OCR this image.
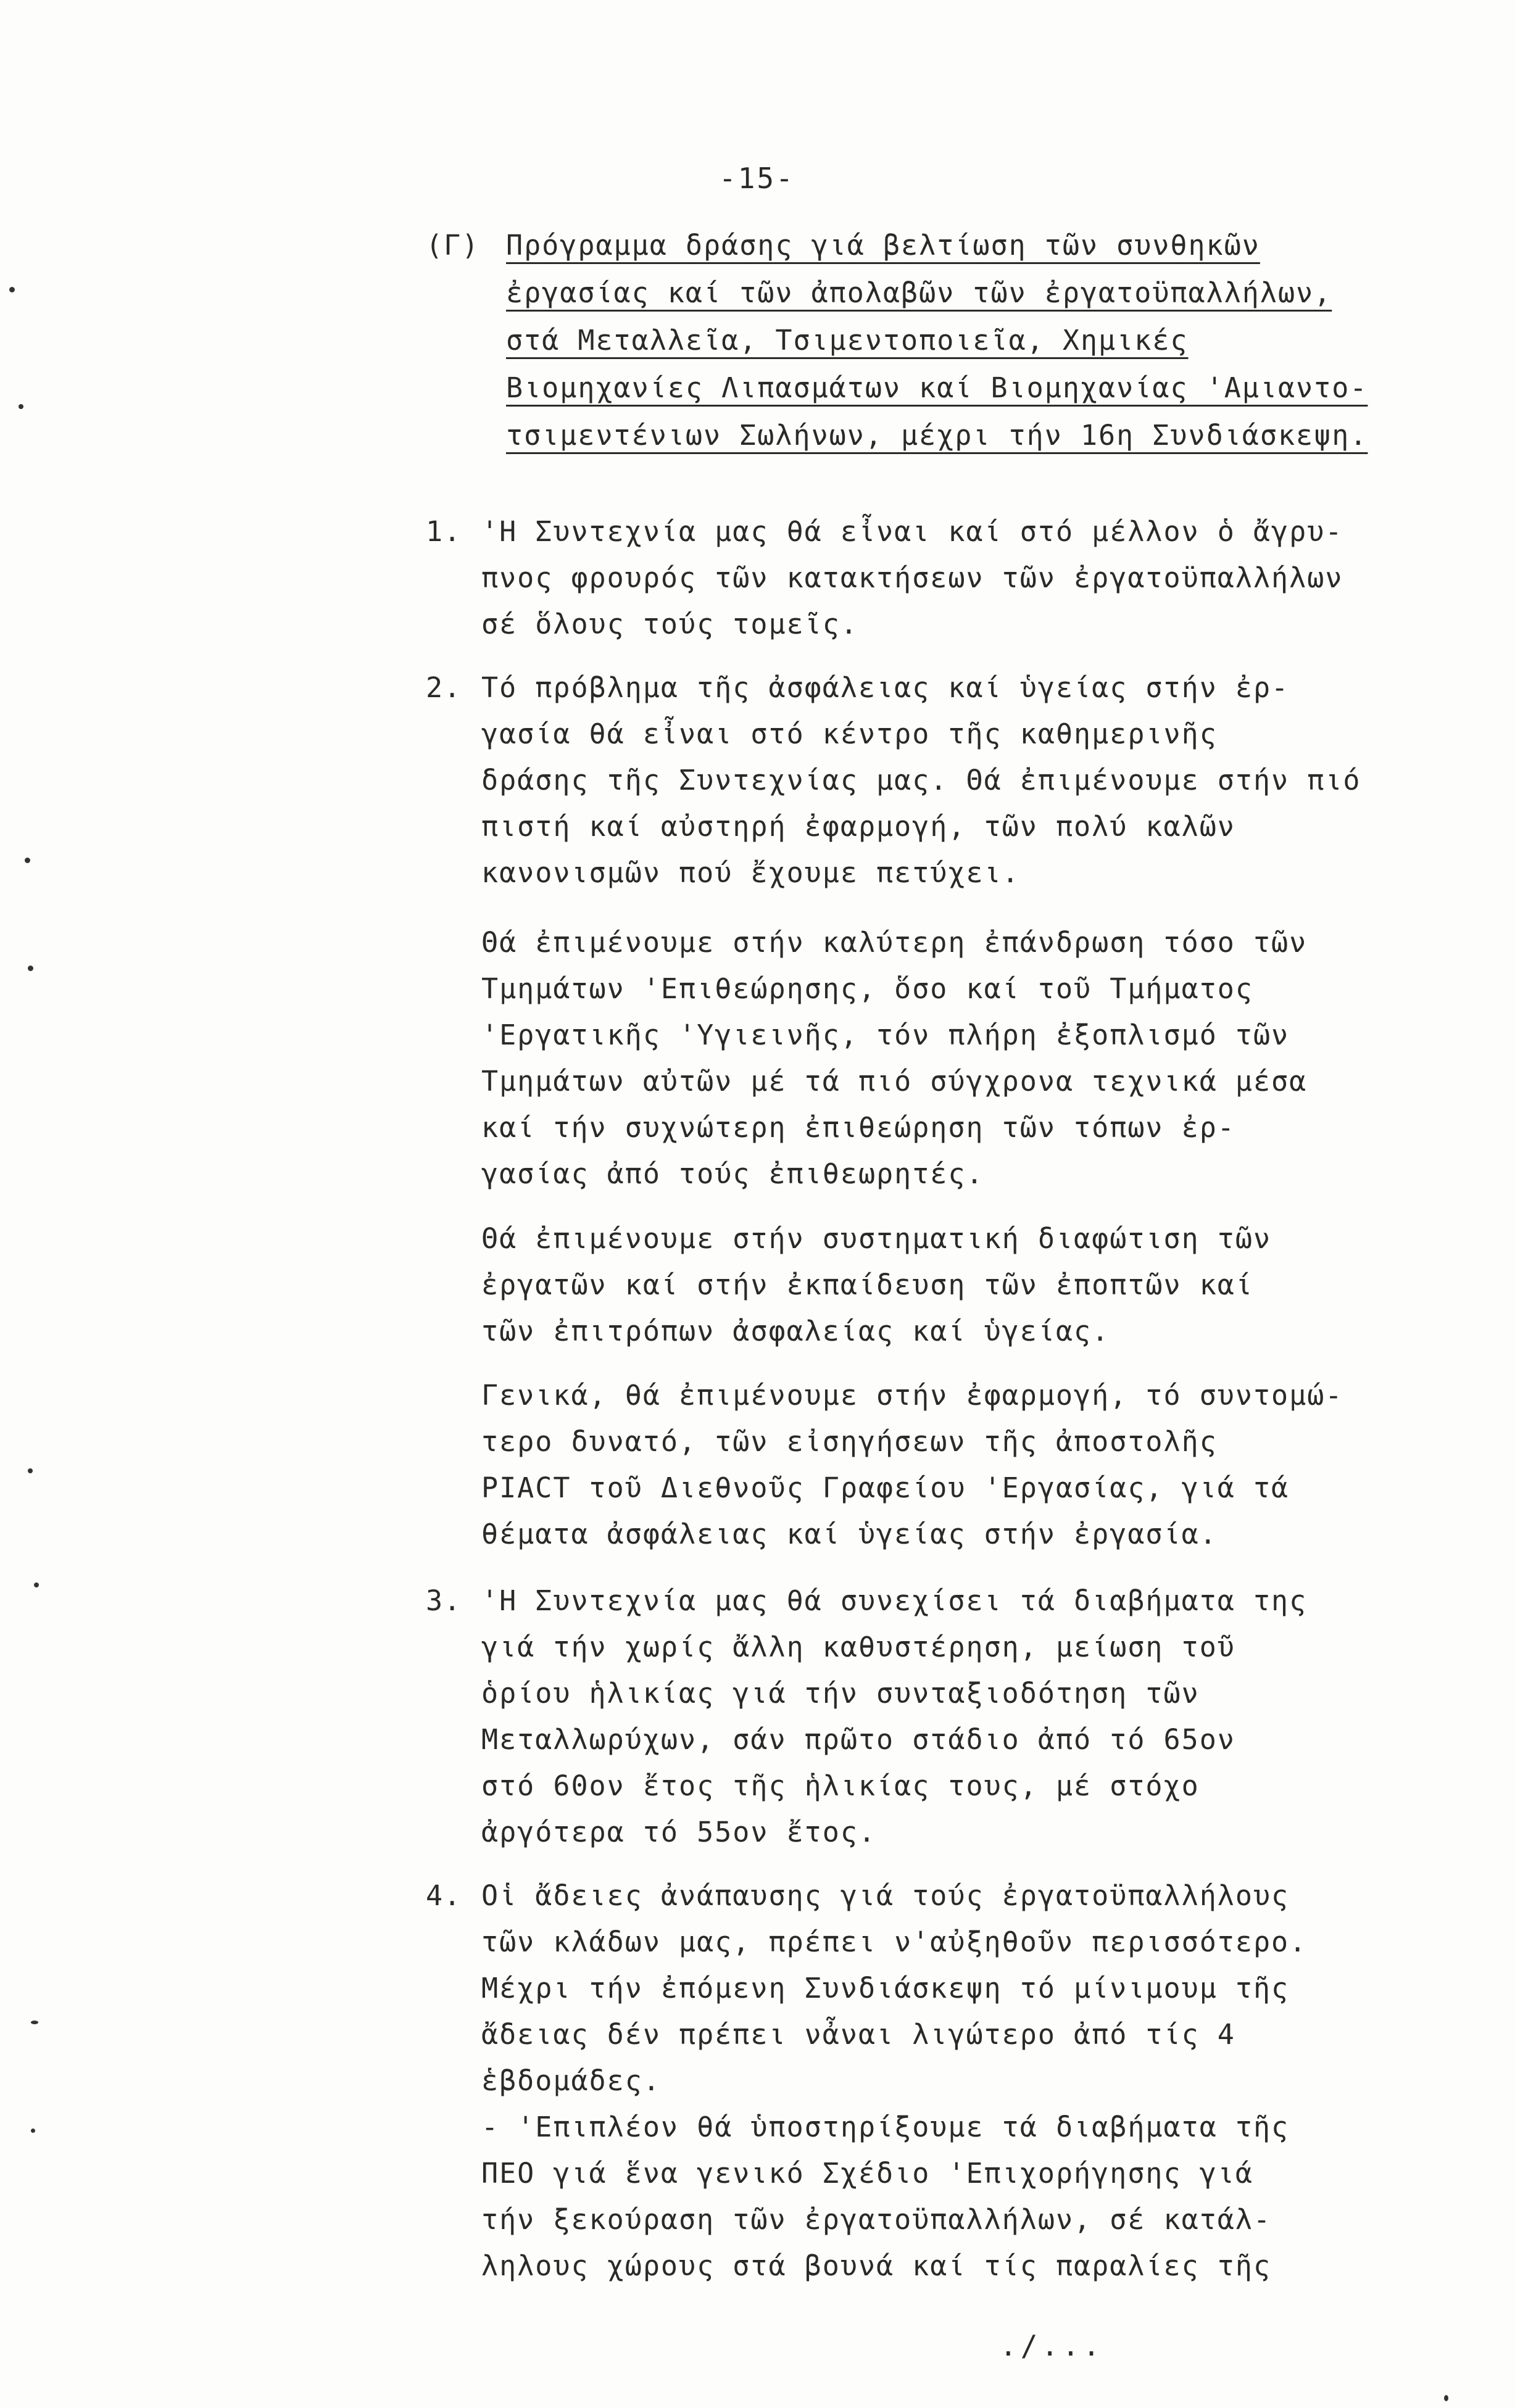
-15-
(Γ) Πρόγραμμα δράσης γιά βελτίωση τῶν συνθηκῶν
ἐργασίας καί τῶν ἀπολαβῶν τῶν ἐργατοϋπαλλήλων,
στά Μεταλλεῖα, Τσιμεντοποιεῖα, Χημικές
Βιομηχανίες Λιπασμάτων καί Βιομηχανίας 'Αμιαντο-
τσιμεντένιων Σωλήνων, μέχρι τήν 16η Συνδιάσκεψη.
1. 'Η Συντεχνία μας θά εἶναι καί στό μέλλον ὁ ἄγρυ-
πνος φρουρός τῶν κατακτήσεων τῶν ἐργατοϋπαλλήλων
σέ ὅλους τούς τομεῖς.
2. Τό πρόβλημα τῆς ἀσφάλειας καί ὑγείας στήν ἐρ-
γασία θά εἶναι στό κέντρο τῆς καθημερινῆς
δράσης τῆς Συντεχνίας μας. Θά ἐπιμένουμε στήν πιό
πιστή καί αὐστηρή ἐφαρμογή, τῶν πολύ καλῶν
κανονισμῶν πού ἔχουμε πετύχει.
Θά ἐπιμένουμε στήν καλύτερη ἐπάνδρωση τόσο τῶν
Τμημάτων 'Επιθεώρησης, ὅσο καί τοῦ Τμήματος
'Εργατικῆς 'Υγιεινῆς, τόν πλήρη ἐξοπλισμό τῶν
Τμημάτων αὐτῶν μέ τά πιό σύγχρονα τεχνικά μέσα
καί τήν συχνώτερη ἐπιθεώρηση τῶν τόπων ἐρ-
γασίας ἀπό τούς ἐπιθεωρητές.
Θά ἐπιμένουμε στήν συστηματική διαφώτιση τῶν
ἐργατῶν καί στήν ἐκπαίδευση τῶν ἐποπτῶν καί
τῶν ἐπιτρόπων ἀσφαλείας καί ὑγείας.
Γενικά, θά ἐπιμένουμε στήν ἐφαρμογή, τό συντομώ-
τερο δυνατό, τῶν εἰσηγήσεων τῆς ἀποστολῆς
PIACT τοῦ Διεθνοῦς Γραφείου 'Εργασίας, γιά τά
θέματα ἀσφάλειας καί ὑγείας στήν ἐργασία.
3. 'Η Συντεχνία μας θά συνεχίσει τά διαβήματα της
γιά τήν χωρίς ἄλλη καθυστέρηση, μείωση τοῦ
ὁρίου ἡλικίας γιά τήν συνταξιοδότηση τῶν
Μεταλλωρύχων, σάν πρῶτο στάδιο ἀπό τό 65ον
στό 60ον ἔτος τῆς ἡλικίας τους, μέ στόχο
ἀργότερα τό 55ον ἔτος.
4. Οἱ ἄδειες ἀνάπαυσης γιά τούς ἐργατοϋπαλλήλους
τῶν κλάδων μας, πρέπει ν'αὐξηθοῦν περισσότερο.
Μέχρι τήν ἐπόμενη Συνδιάσκεψη τό μίνιμουμ τῆς
ἄδειας δέν πρέπει νἆναι λιγώτερο ἀπό τίς 4
ἑβδομάδες.
- 'Επιπλέον θά ὑποστηρίξουμε τά διαβήματα τῆς
ΠΕΟ γιά ἕνα γενικό Σχέδιο 'Επιχορήγησης γιά
τήν ξεκούραση τῶν ἐργατοϋπαλλήλων, σέ κατάλ-
ληλους χώρους στά βουνά καί τίς παραλίες τῆς
./...
